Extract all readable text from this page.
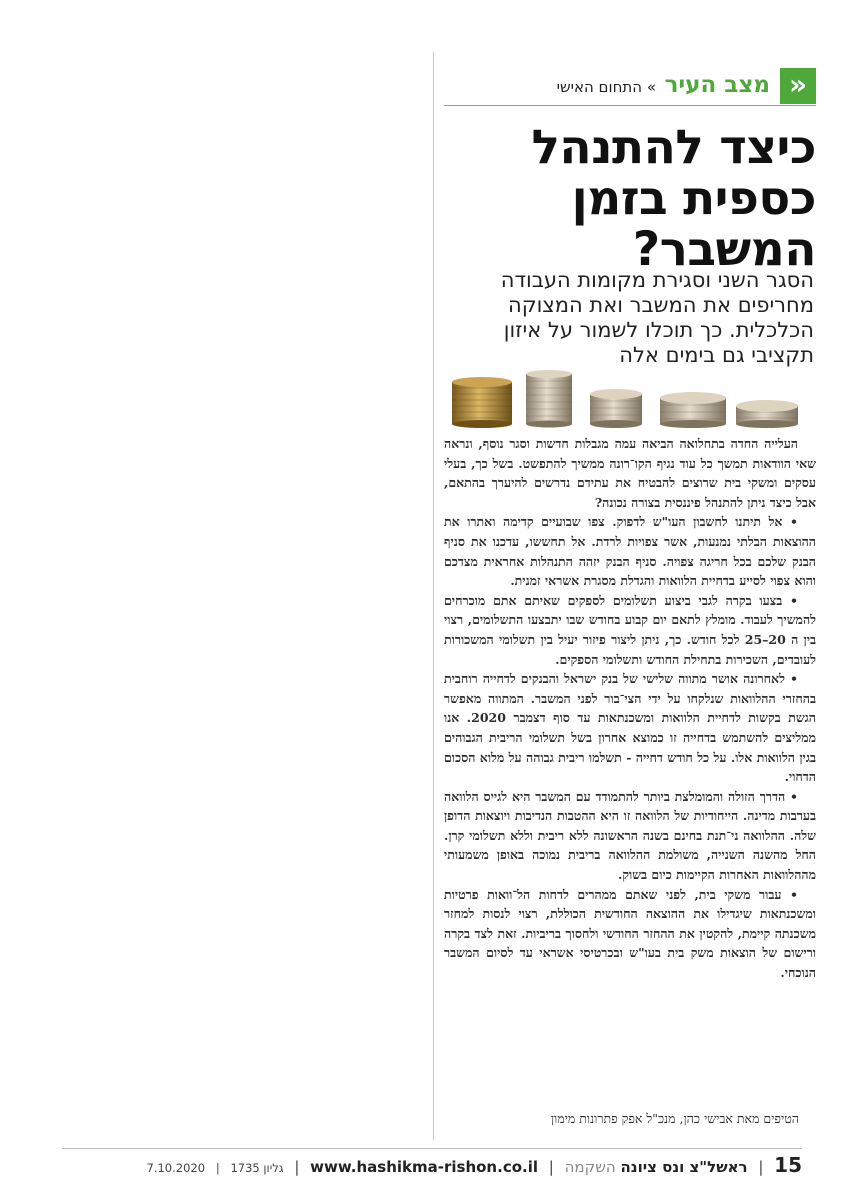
«
מצב העיר
» התחום האישי
כיצד להתנהל כספית בזמן המשבר?

הסגר השני וסגירת מקומות העבודה מחריפים את המשבר ואת המצוקה הכלכלית. כך תוכלו לשמור על איזון תקציבי גם בימים אלה

העלייה החדה בתחלואה הביאה עמה מגבלות חדשות וסגר נוסף, ונראה שאי הוודאות תמשך כל עוד נגיף הקו־רונה ממשיך להתפשט. בשל כך, בעלי עסקים ומשקי בית שרוצים להבטיח את עתידם נדרשים להיערך בהתאם, אבל כיצד ניתן להתנהל פיננסית בצורה נכונה?

• אל תיתנו לחשבון העו"ש לדפוק. צפו שבועיים קדימה ואתרו את ההוצאות הבלתי נמנעות, אשר צפויות לרדת. אל תחששו, עדכנו את סניף הבנק שלכם בכל חריגה צפויה. סניף הבנק יזהה התנהלות אחראית מצדכם והוא צפוי לסייע בדחיית הלוואות והגדלת מסגרת אשראי זמנית.

• בצעו בקרה לגבי ביצוע תשלומים לספקים שאיתם אתם מוכרחים להמשיך לעבוד. מומלץ לתאם יום קבוע בחודש שבו יתבצעו התשלומים, רצוי בין ה 20–25 לכל חודש. כך, ניתן ליצור פיזור יעיל בין תשלומי המשכורות לעובדים, השכירות בתחילת החודש ותשלומי הספקים.

• לאחרונה אושר מתווה שלישי של בנק ישראל והבנקים לדחייה רוחבית בהחזרי ההלוואות שנלקחו על ידי הצי־בור לפני המשבר. המתווה מאפשר הגשת בקשות לדחיית הלוואות ומשכנתאות עד סוף דצמבר 2020. אנו ממליצים להשתמש בדחייה זו כמוצא אחרון בשל תשלומי הריבית הגבוהים בגין הלוואות אלו. על כל חודש דחייה - תשלמו ריבית גבוהה על מלוא הסכום הדחוי.

• הדרך הזולה והמומלצת ביותר להתמודד עם המשבר היא לגייס הלוואה בערבות מדינה. הייחודיות של הלוואה זו היא ההטבות הנדיבות ויוצאות הדופן שלה. ההלוואה ני־תנת בחינם בשנה הראשונה ללא ריבית וללא תשלומי קרן. החל מהשנה השנייה, משולמת ההלוואה בריבית נמוכה באופן משמעותי מההלוואות האחרות הקיימות כיום בשוק.

• עבור משקי בית, לפני שאתם ממהרים לדחות הל־וואות פרטיות ומשכנתאות שיגדילו את ההוצאה החודשית הכוללת, רצוי לנסות למחזר משכנתה קיימת, להקטין את ההחזר החודשי ולחסוך בריביות. זאת לצד בקרה ורישום של הוצאות משק בית בעו"ש ובכרטיסי אשראי עד לסיום המשבר הנוכחי.

הטיפים מאת אבישי כהן, מנכ"ל אפק פתרונות מימון
15 | ראשל"צ ונס ציונה השקמה | www.hashikma-rishon.co.il | גליון 1735 | 7.10.2020
